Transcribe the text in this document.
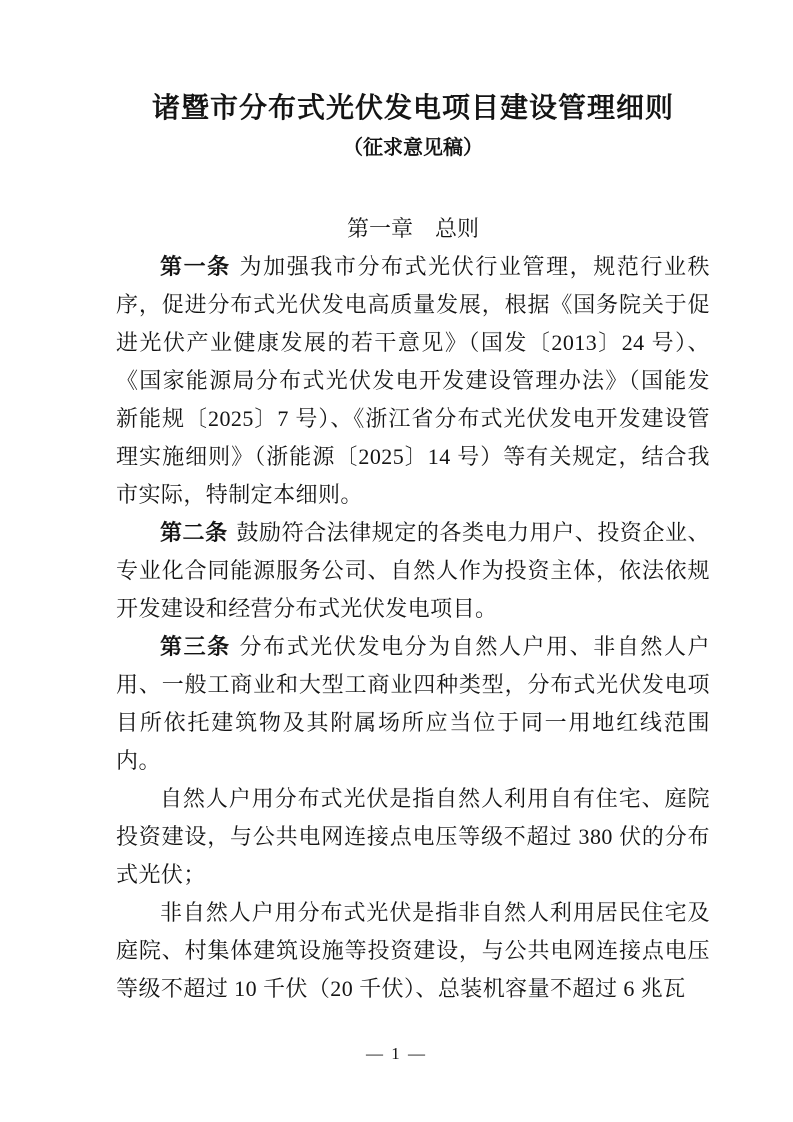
诸暨市分布式光伏发电项目建设管理细则
（征求意见稿）
第一章　总则

第一条 为加强我市分布式光伏行业管理，规范行业秩序，促进分布式光伏发电高质量发展，根据《国务院关于促进光伏产业健康发展的若干意见》（国发〔2013〕24 号）、《国家能源局分布式光伏发电开发建设管理办法》（国能发新能规〔2025〕7 号）、《浙江省分布式光伏发电开发建设管理实施细则》（浙能源〔2025〕14 号）等有关规定，结合我市实际，特制定本细则。

第二条 鼓励符合法律规定的各类电力用户、投资企业、专业化合同能源服务公司、自然人作为投资主体，依法依规开发建设和经营分布式光伏发电项目。

第三条 分布式光伏发电分为自然人户用、非自然人户用、一般工商业和大型工商业四种类型，分布式光伏发电项目所依托建筑物及其附属场所应当位于同一用地红线范围内。

自然人户用分布式光伏是指自然人利用自有住宅、庭院投资建设，与公共电网连接点电压等级不超过 380 伏的分布式光伏；

非自然人户用分布式光伏是指非自然人利用居民住宅及庭院、村集体建筑设施等投资建设，与公共电网连接点电压等级不超过 10 千伏（20 千伏）、总装机容量不超过 6 兆瓦

— 1 —
